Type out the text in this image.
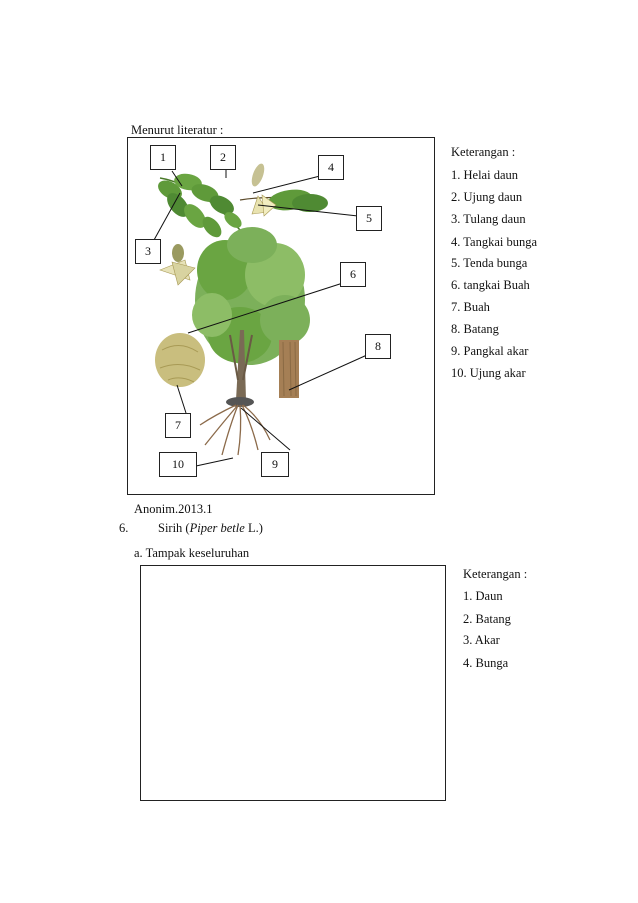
Menurut literatur :
1	2
3
4
5
6
7
8
9
10
Keterangan :
1. Helai daun
2. Ujung daun
3. Tulang daun
4. Tangkai bunga
5. Tenda bunga
6. tangkai Buah
7. Buah
8. Batang
9. Pangkal akar
10. Ujung akar
Anonim.2013.1
6. Sirih (Piper betle L.)
a. Tampak keseluruhan
Keterangan :
1. Daun
2. Batang
3. Akar
4. Bunga
